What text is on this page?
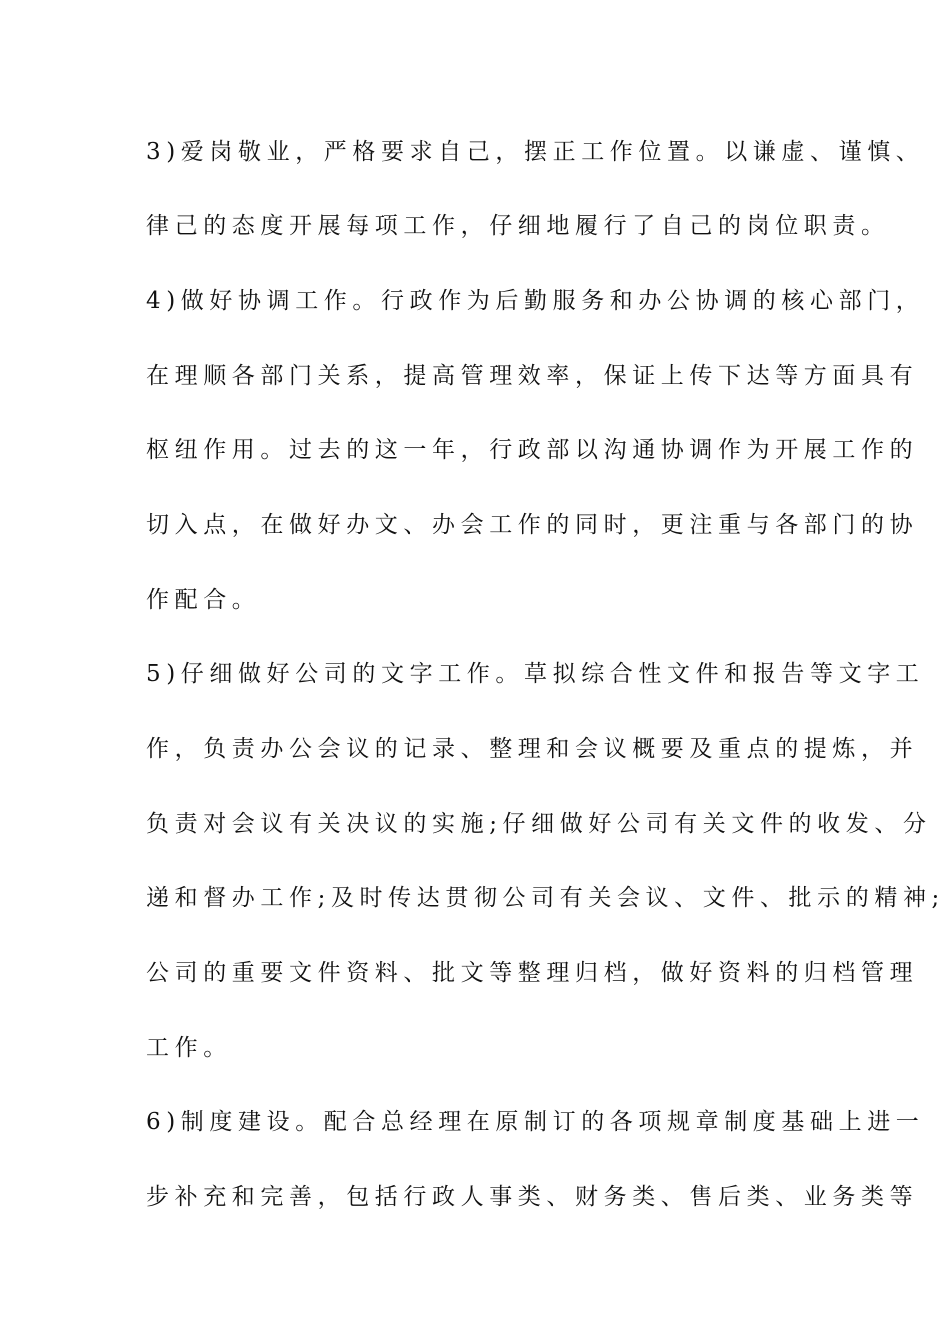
3)爱岗敬业，严格要求自己，摆正工作位置。以谦虚、谨慎、
律己的态度开展每项工作，仔细地履行了自己的岗位职责。
4)做好协调工作。行政作为后勤服务和办公协调的核心部门，
在理顺各部门关系，提高管理效率，保证上传下达等方面具有
枢纽作用。过去的这一年，行政部以沟通协调作为开展工作的
切入点，在做好办文、办会工作的同时，更注重与各部门的协
作配合。
5)仔细做好公司的文字工作。草拟综合性文件和报告等文字工
作，负责办公会议的记录、整理和会议概要及重点的提炼，并
负责对会议有关决议的实施;仔细做好公司有关文件的收发、分
递和督办工作;及时传达贯彻公司有关会议、文件、批示的精神;
公司的重要文件资料、批文等整理归档，做好资料的归档管理
工作。
6)制度建设。配合总经理在原制订的各项规章制度基础上进一
步补充和完善，包括行政人事类、财务类、售后类、业务类等
